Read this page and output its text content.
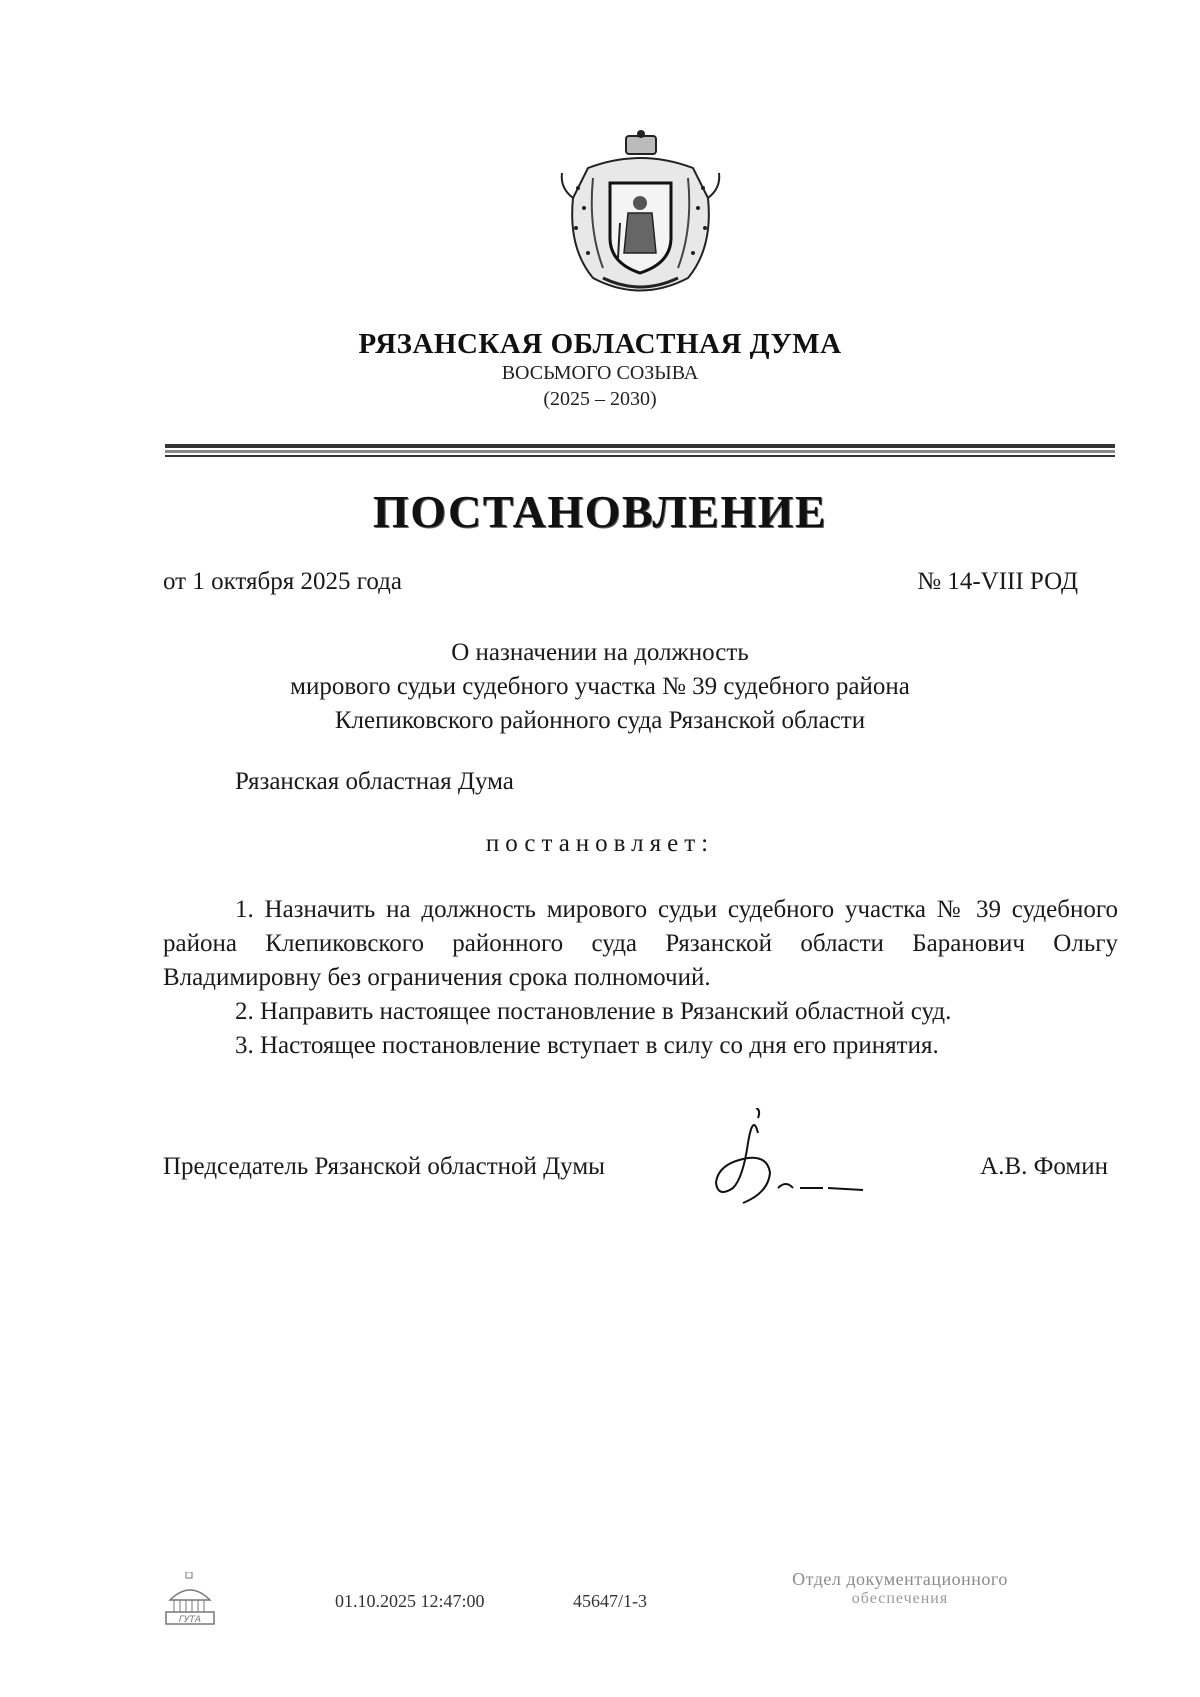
РЯЗАНСКАЯ ОБЛАСТНАЯ ДУМА
ВОСЬМОГО СОЗЫВА
(2025 – 2030)
ПОСТАНОВЛЕНИЕ
от 1 октября 2025 года	№ 14-VIII РОД
О назначении на должность
мирового судьи судебного участка № 39 судебного района
Клепиковского районного суда Рязанской области
Рязанская областная Дума
постановляет:
1. Назначить на должность мирового судьи судебного участка № 39 судебного района Клепиковского районного суда Рязанской области Баранович Ольгу Владимировну без ограничения срока полномочий.
2. Направить настоящее постановление в Рязанский областной суд.
3. Настоящее постановление вступает в силу со дня его принятия.
Председатель Рязанской областной Думы	А.В. Фомин
ГУТА
01.10.2025 12:47:00	45647/1-3
Отдел документационного
обеспечения
